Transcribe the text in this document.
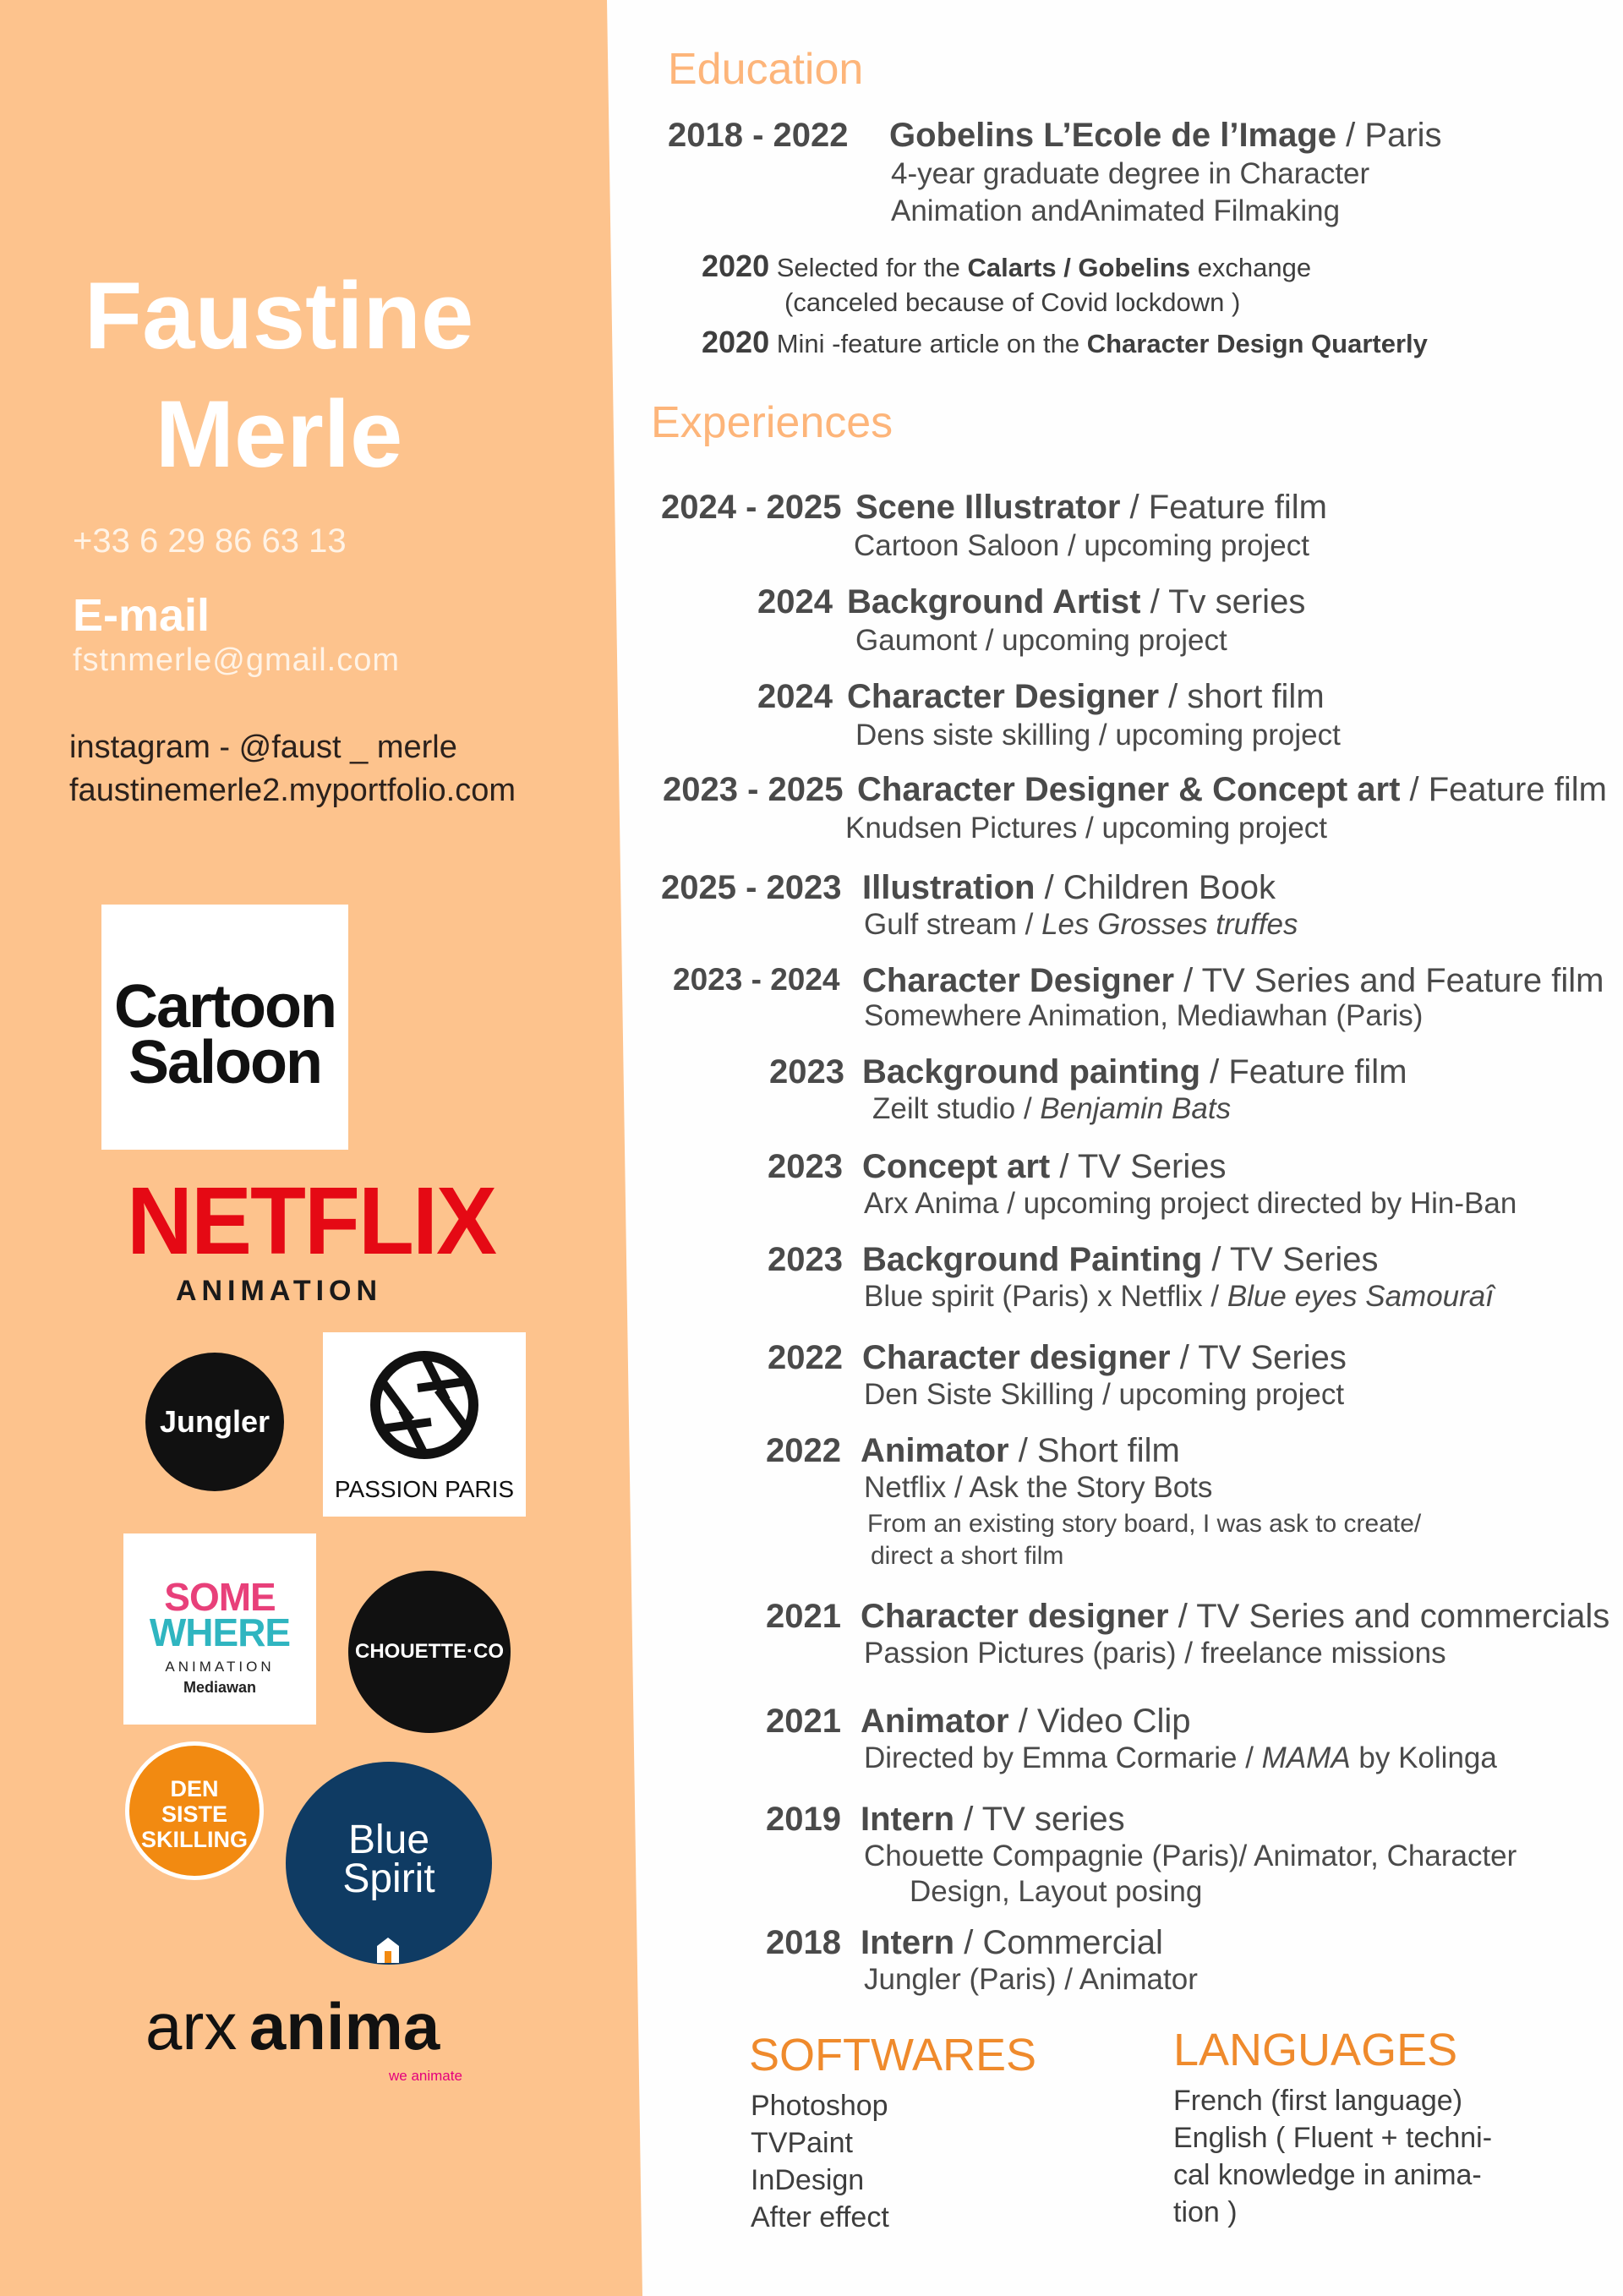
Faustine
Merle
+33 6 29 86 63 13
E-mail
fstnmerle@gmail.com
instagram - @faust _ merle
faustinemerle2.myportfolio.com
Cartoon
Saloon
NETFLIX
ANIMATION
Jungler
PASSION PARIS
SOME
WHERE
ANIMATION
Mediawan
CHOUETTE·CO
DEN
SISTE
SKILLING	Blue
Spirit
arx anima
we animate
Education
2018 - 2022 Gobelins L’Ecole de l’Image / Paris
4-year graduate degree in Character
Animation andAnimated Filmaking
2020 Selected for the Calarts / Gobelins exchange
(canceled because of Covid lockdown )
2020 Mini -feature article on the Character Design Quarterly
Experiences
2024 - 2025 Scene Illustrator / Feature film
Cartoon Saloon / upcoming project
2024 Background Artist / Tv series
Gaumont / upcoming project
2024 Character Designer / short film
Dens siste skilling / upcoming project
2023 - 2025 Character Designer & Concept art / Feature film
Knudsen Pictures / upcoming project
2025 - 2023 Illustration / Children Book
Gulf stream / Les Grosses truffes
2023 - 2024 Character Designer / TV Series and Feature film
Somewhere Animation, Mediawhan (Paris)
2023 Background painting / Feature film
Zeilt studio / Benjamin Bats
2023 Concept art / TV Series
Arx Anima / upcoming project directed by Hin-Ban
2023 Background Painting / TV Series
Blue spirit (Paris) x Netflix / Blue eyes Samouraî
2022 Character designer / TV Series
Den Siste Skilling / upcoming project
2022 Animator / Short film
Netflix / Ask the Story Bots
From an existing story board, I was ask to create/
direct a short film
2021 Character designer / TV Series and commercials
Passion Pictures (paris) / freelance missions
2021 Animator / Video Clip
Directed by Emma Cormarie / MAMA by Kolinga
2019 Intern / TV series
Chouette Compagnie (Paris)/ Animator, Character
Design, Layout posing
2018 Intern / Commercial
Jungler (Paris) / Animator
SOFTWARES
Photoshop
TVPaint
InDesign
After effect
LANGUAGES
French (first language)
English ( Fluent + techni-
cal knowledge in anima-
tion )
